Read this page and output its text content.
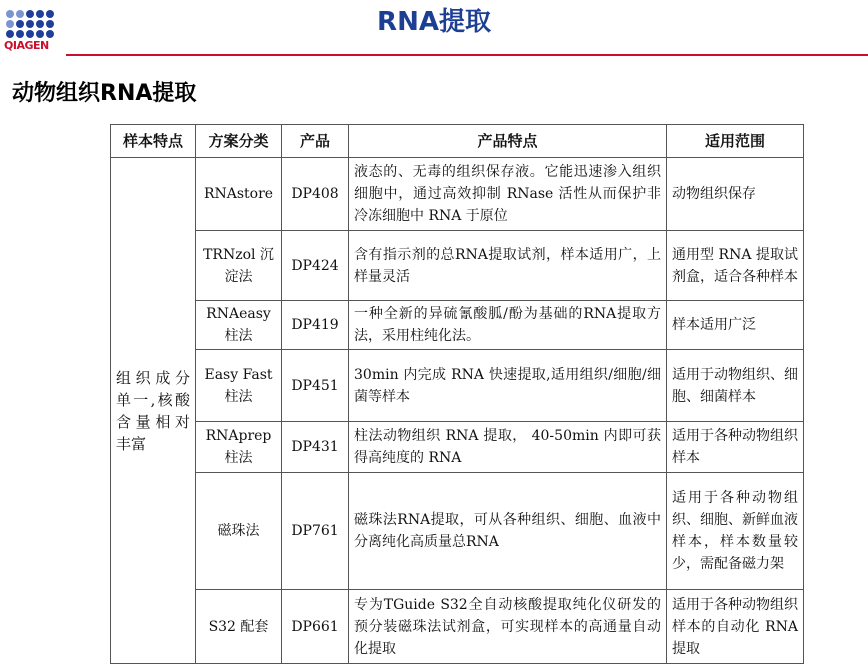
QIAGEN
RNA提取
动物组织RNA提取
样本特点	方案分类	产品	产品特点	适用范围
组织成分单一,核酸含量相对丰富	RNAstore	DP408	液态的、无毒的组织保存液。它能迅速渗入组织细胞中，通过高效抑制 RNase 活性从而保护非冷冻细胞中 RNA 于原位	动物组织保存
	TRNzol 沉淀法	DP424	含有指示剂的总RNA提取试剂，样本适用广，上样量灵活	通用型 RNA 提取试剂盒，适合各种样本
	RNAeasy 柱法	DP419	一种全新的异硫氰酸胍/酚为基础的RNA提取方法，采用柱纯化法。	样本适用广泛
	Easy Fast 柱法	DP451	30min 内完成 RNA 快速提取,适用组织/细胞/细菌等样本	适用于动物组织、细胞、细菌样本
	RNAprep 柱法	DP431	柱法动物组织 RNA 提取， 40-50min 内即可获得高纯度的 RNA	适用于各种动物组织样本
	磁珠法	DP761	磁珠法RNA提取，可从各种组织、细胞、血液中分离纯化高质量总RNA	适用于各种动物组织、细胞、新鲜血液样本，样本数量较少，需配备磁力架
	S32 配套	DP661	专为TGuide S32全自动核酸提取纯化仪研发的预分装磁珠法试剂盒，可实现样本的高通量自动化提取	适用于各种动物组织样本的自动化 RNA 提取
